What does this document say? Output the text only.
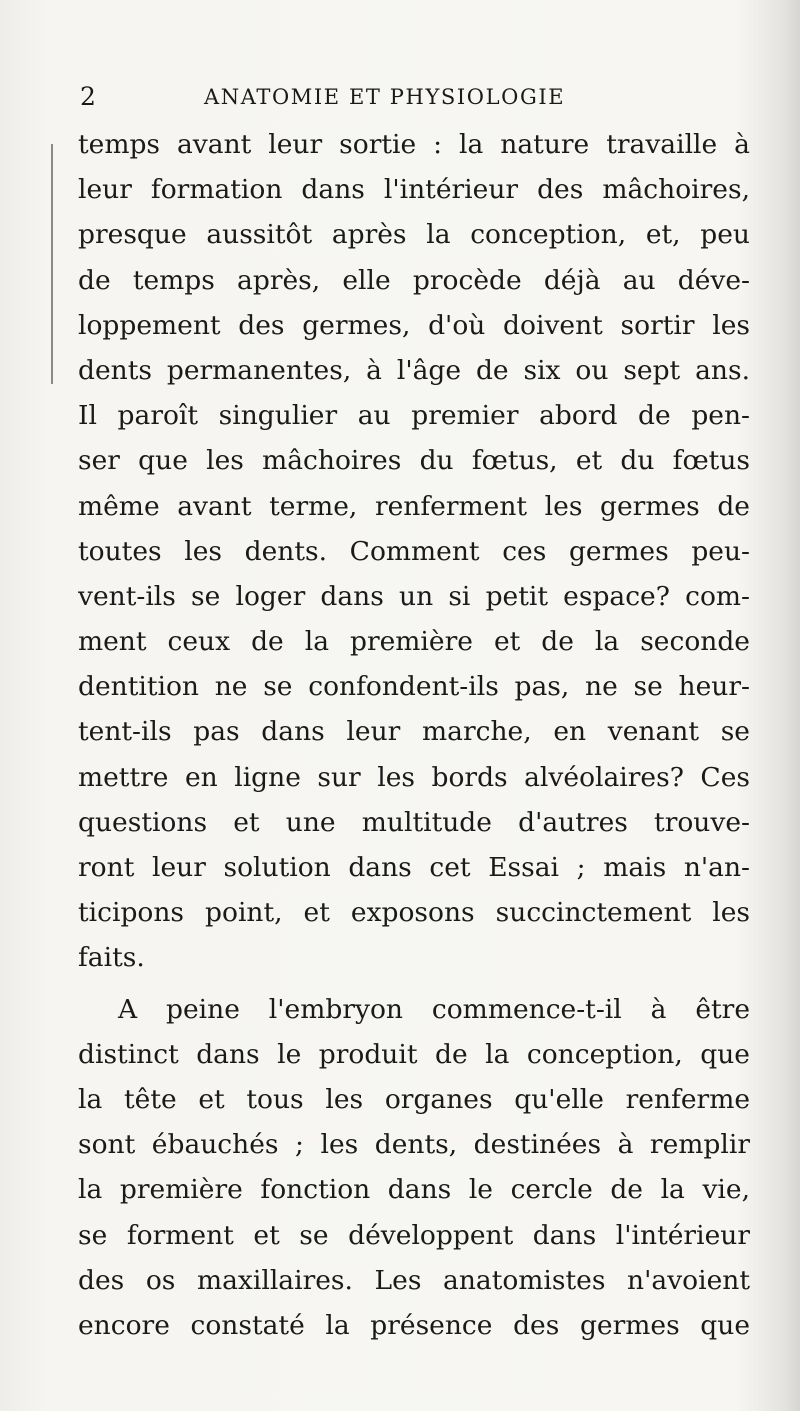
2	ANATOMIE ET PHYSIOLOGIE
temps avant leur sortie : la nature travaille à
leur formation dans l'intérieur des mâchoires,
presque aussitôt après la conception, et, peu
de temps après, elle procède déjà au déve-
loppement des germes, d'où doivent sortir les
dents permanentes, à l'âge de six ou sept ans.
Il paroît singulier au premier abord de pen-
ser que les mâchoires du fœtus, et du fœtus
même avant terme, renferment les germes de
toutes les dents. Comment ces germes peu-
vent-ils se loger dans un si petit espace? com-
ment ceux de la première et de la seconde
dentition ne se confondent-ils pas, ne se heur-
tent-ils pas dans leur marche, en venant se
mettre en ligne sur les bords alvéolaires? Ces
questions et une multitude d'autres trouve-
ront leur solution dans cet Essai ; mais n'an-
ticipons point, et exposons succinctement les
faits.
A peine l'embryon commence-t-il à être
distinct dans le produit de la conception, que
la tête et tous les organes qu'elle renferme
sont ébauchés ; les dents, destinées à remplir
la première fonction dans le cercle de la vie,
se forment et se développent dans l'intérieur
des os maxillaires. Les anatomistes n'avoient
encore constaté la présence des germes que
